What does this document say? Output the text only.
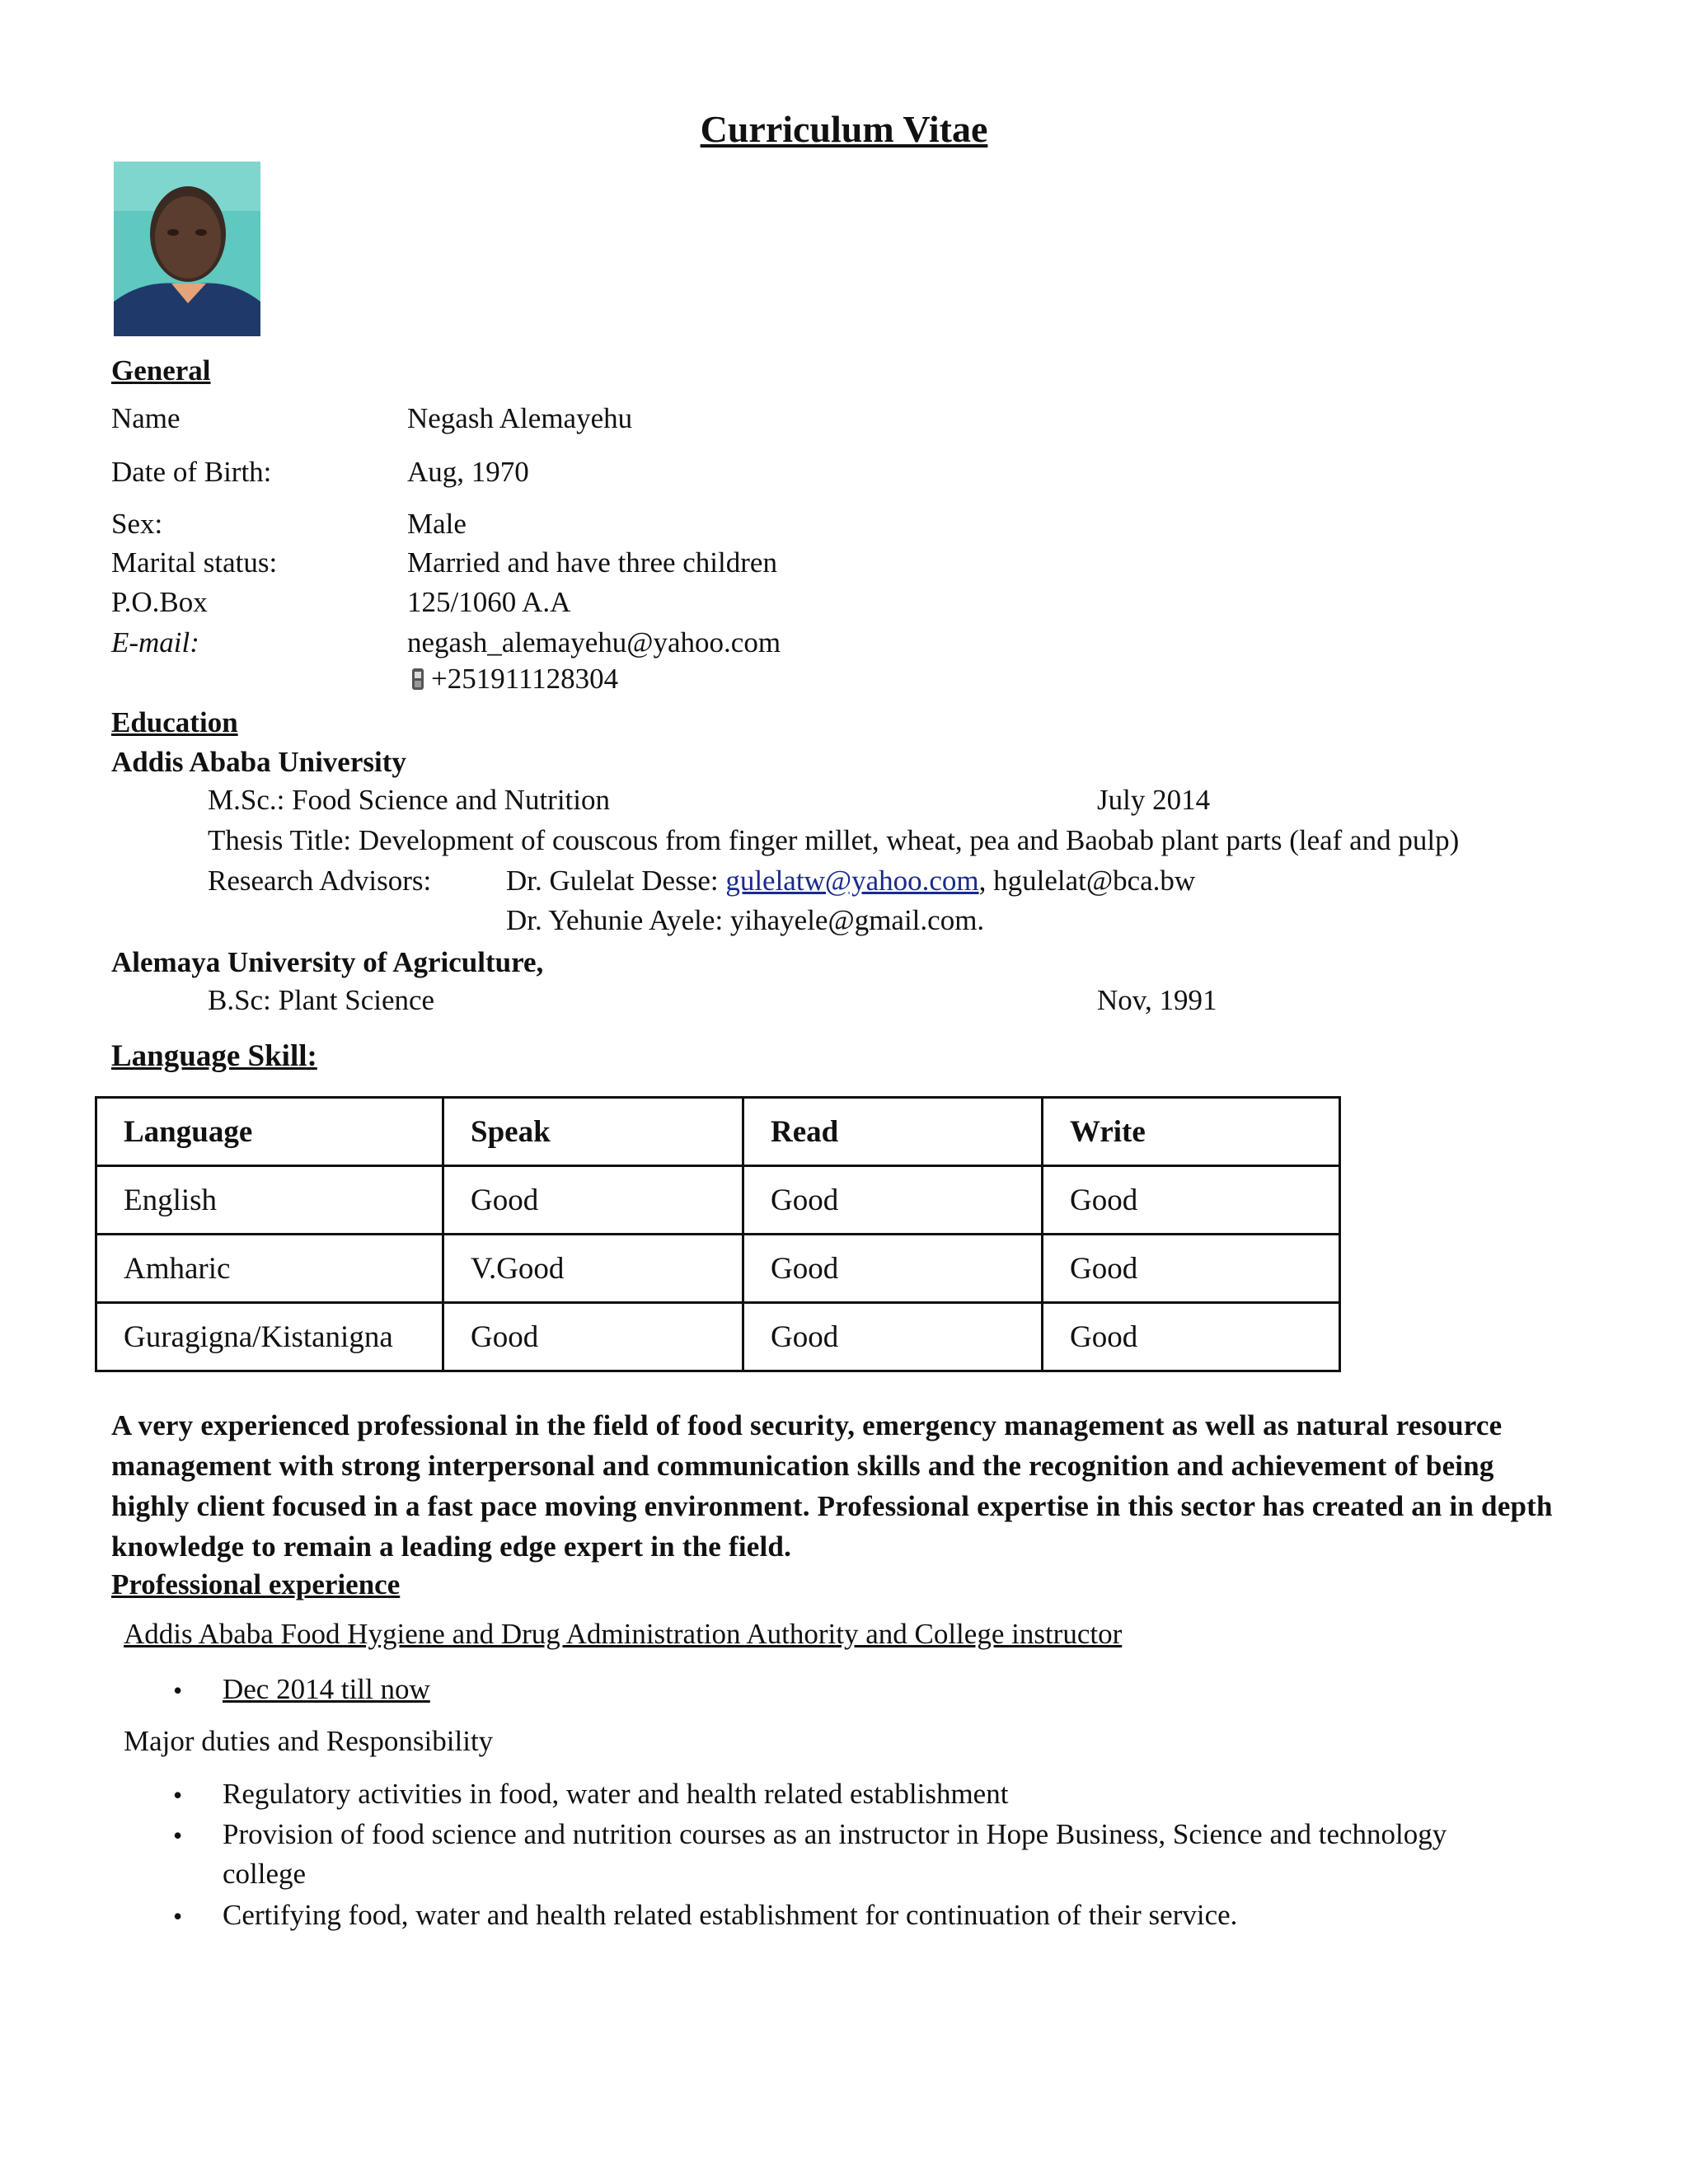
Curriculum Vitae
General
Name	Negash Alemayehu
Date of Birth:	Aug, 1970
Sex:	Male
Marital status:	Married and have three children
P.O.Box	125/1060 A.A
E-mail:	negash_alemayehu@yahoo.com
+251911128304
Education
Addis Ababa University
M.Sc.: Food Science and Nutrition	July 2014
Thesis Title: Development of couscous from finger millet, wheat, pea and Baobab plant parts (leaf and pulp)
Research Advisors:	Dr. Gulelat Desse: gulelatw@yahoo.com, hgulelat@bca.bw
Dr. Yehunie Ayele: yihayele@gmail.com.
Alemaya University of Agriculture,
B.Sc: Plant Science	Nov, 1991
Language Skill:
Language	Speak	Read	Write
English	Good	Good	Good
Amharic	V.Good	Good	Good
Guragigna/Kistanigna	Good	Good	Good
A very experienced professional in the field of food security, emergency management as well as natural resource management with strong interpersonal and communication skills and the recognition and achievement of being highly client focused in a fast pace moving environment. Professional expertise in this sector has created an in depth knowledge to remain a leading edge expert in the field.
Professional experience
Addis Ababa Food Hygiene and Drug Administration Authority and College instructor
• Dec 2014 till now
Major duties and Responsibility
• Regulatory activities in food, water and health related establishment
• Provision of food science and nutrition courses as an instructor in Hope Business, Science and technology
college
• Certifying food, water and health related establishment for continuation of their service.
